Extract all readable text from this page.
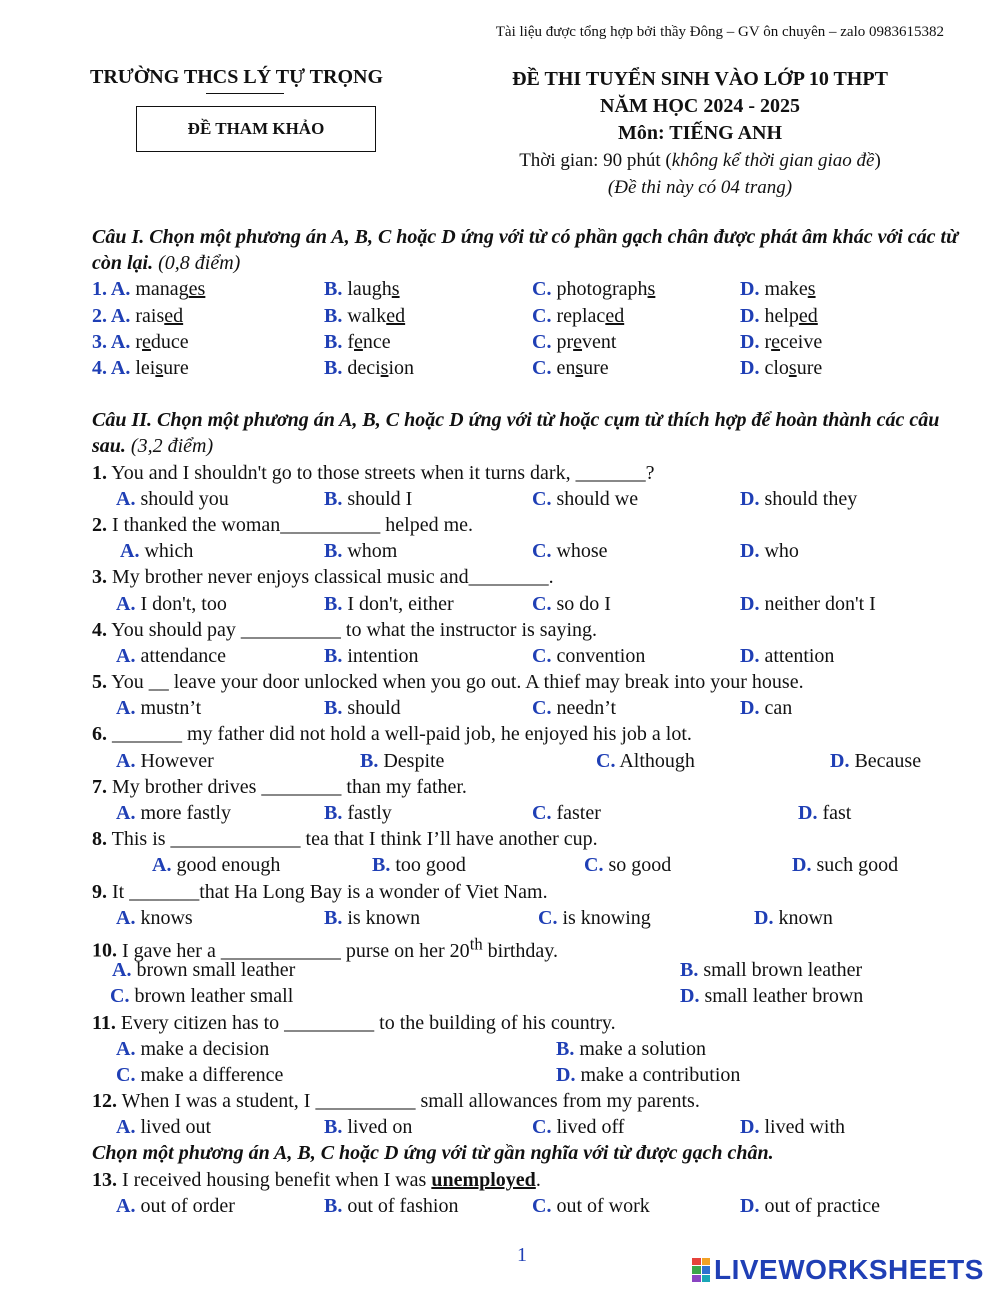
Tài liệu được tổng hợp bởi thầy Đông – GV ôn chuyên – zalo 0983615382
TRƯỜNG THCS LÝ TỰ TRỌNG
ĐỀ THAM KHẢO
ĐỀ THI TUYỂN SINH VÀO LỚP 10 THPT
NĂM HỌC 2024 - 2025
Môn: TIẾNG ANH
Thời gian: 90 phút (không kể thời gian giao đề)
(Đề thi này có 04 trang)
Câu I. Chọn một phương án A, B, C hoặc D ứng với từ có phần gạch chân được phát âm khác với các từ còn lại. (0,8 điểm)
1. A. manages	B. laughs	C. photographs	D. makes
2. A. raised	B. walked	C. replaced	D. helped
3. A. reduce	B. fence	C. prevent	D. receive
4. A. leisure	B. decision	C. ensure	D. closure
Câu II. Chọn một phương án A, B, C hoặc D ứng với từ hoặc cụm từ thích hợp để hoàn thành các câu sau. (3,2 điểm)
1. You and I shouldn't go to those streets when it turns dark, _______?
A. should you	B. should I	C. should we	D. should they
2. I thanked the woman__________ helped me.
A. which	B. whom	C. whose	D. who
3. My brother never enjoys classical music and________.
A. I don't, too	B. I don't, either	C. so do I	D. neither don't I
4. You should pay __________ to what the instructor is saying.
A. attendance	B. intention	C. convention	D. attention
5. You __ leave your door unlocked when you go out. A thief may break into your house.
A. mustn’t	B. should	C. needn’t	D. can
6. _______ my father did not hold a well-paid job, he enjoyed his job a lot.
A. However	B. Despite	C. Although	D. Because
7. My brother drives ________ than my father.
A. more fastly	B. fastly	C. faster	D. fast
8. This is _____________ tea that I think I’ll have another cup.
A. good enough	B. too good	C. so good	D. such good
9. It _______that Ha Long Bay is a wonder of Viet Nam.
A. knows	B. is known	C. is knowing	D. known
10. I gave her a ____________ purse on her 20th birthday.
A. brown small leather	B. small brown leather
C. brown leather small	D. small leather brown
11. Every citizen has to _________ to the building of his country.
A. make a decision	B. make a solution
C. make a difference	D. make a contribution
12. When I was a student, I __________ small allowances from my parents.
A. lived out	B. lived on	C. lived off	D. lived with
Chọn một phương án A, B, C hoặc D ứng với từ gần nghĩa với từ được gạch chân.
13. I received housing benefit when I was unemployed.
A. out of order	B. out of fashion	C. out of work	D. out of practice
1	LIVEWORKSHEETS
